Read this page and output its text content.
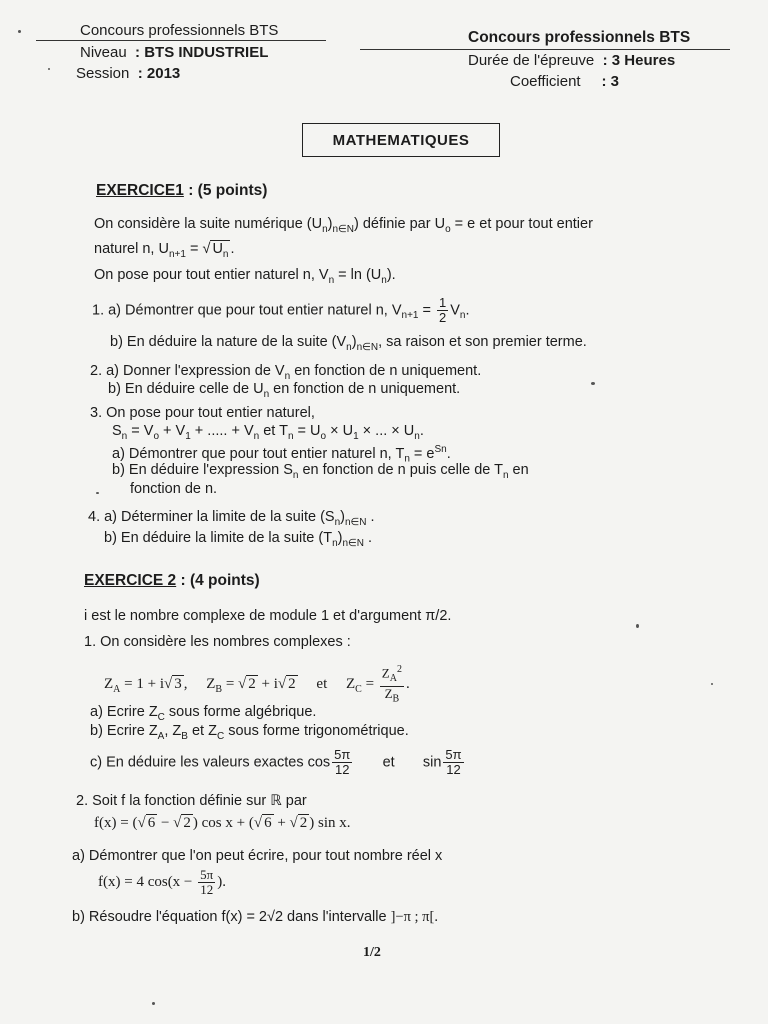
Concours professionnels BTS
Niveau  : BTS INDUSTRIEL
Session  : 2013
Concours professionnels BTS
Durée de l'épreuve  : 3 Heures
Coefficient     : 3
MATHEMATIQUES
EXERCICE1 : (5 points)
On considère la suite numérique $(U_n)_{n\in N}$) définie par $U_o = e$ et pour tout entier
naturel n, $U_{n+1}$ = √ $U_n$ .
On pose pour tout entier naturel n, $V_n = \ln (U_n)$.
1. a) Démontrer que pour tout entier naturel n, $V_{n+1} = \frac{1}{2} V_n$.
b) En déduire la nature de la suite $(V_n)_{n\in N}$, sa raison et son premier terme.
2. a) Donner l'expression de $V_n$ en fonction de n uniquement.
b) En déduire celle de $U_n$ en fonction de n uniquement.
3. On pose pour tout entier naturel,
$S_n = V_o + V_1$ + ..... + $V_n$ et $T_n = U_o \times U_1$ × ... × $U_n$.
a) Démontrer que pour tout entier naturel n, $T_n = e^{Sn}$.
b) En déduire l'expression $S_n$ en fonction de n puis celle de $T_n$ en
fonction de n.
4. a) Déterminer la limite de la suite $(S_n)_{n\in N}$ .
b) En déduire la limite de la suite $(T_n)_{n\in N}$ .
EXERCICE 2 : (4 points)
i est le nombre complexe de module 1 et d'argument π/2.
1. On considère les nombres complexes :
$Z_A = 1 + i√$ 3 ,     $Z_B$ = √ 2 + i√ 2     et     $Z_C = \frac{Z_A^2}{Z_B}$ .
a) Ecrire $Z_C$ sous forme algébrique.
b) Ecrire $Z_A$, $Z_B$ et $Z_C$ sous forme trigonométrique.
c) En déduire les valeurs exactes $\cos \frac{5\pi}{12}$ et $\sin \frac{5\pi}{12}$
2. Soit f la fonction définie sur ℝ par
f(x) = (√ 6 − √ 2 ) cos x + (√ 6 + √ 2 ) sin x.
a) Démontrer que l'on peut écrire, pour tout nombre réel x
f(x) = 4 $\cos(x - \frac{5\pi}{12}$ ).
b) Résoudre l'équation f(x) = 2√2 dans l'intervalle ]−π ; π[.
1/2
